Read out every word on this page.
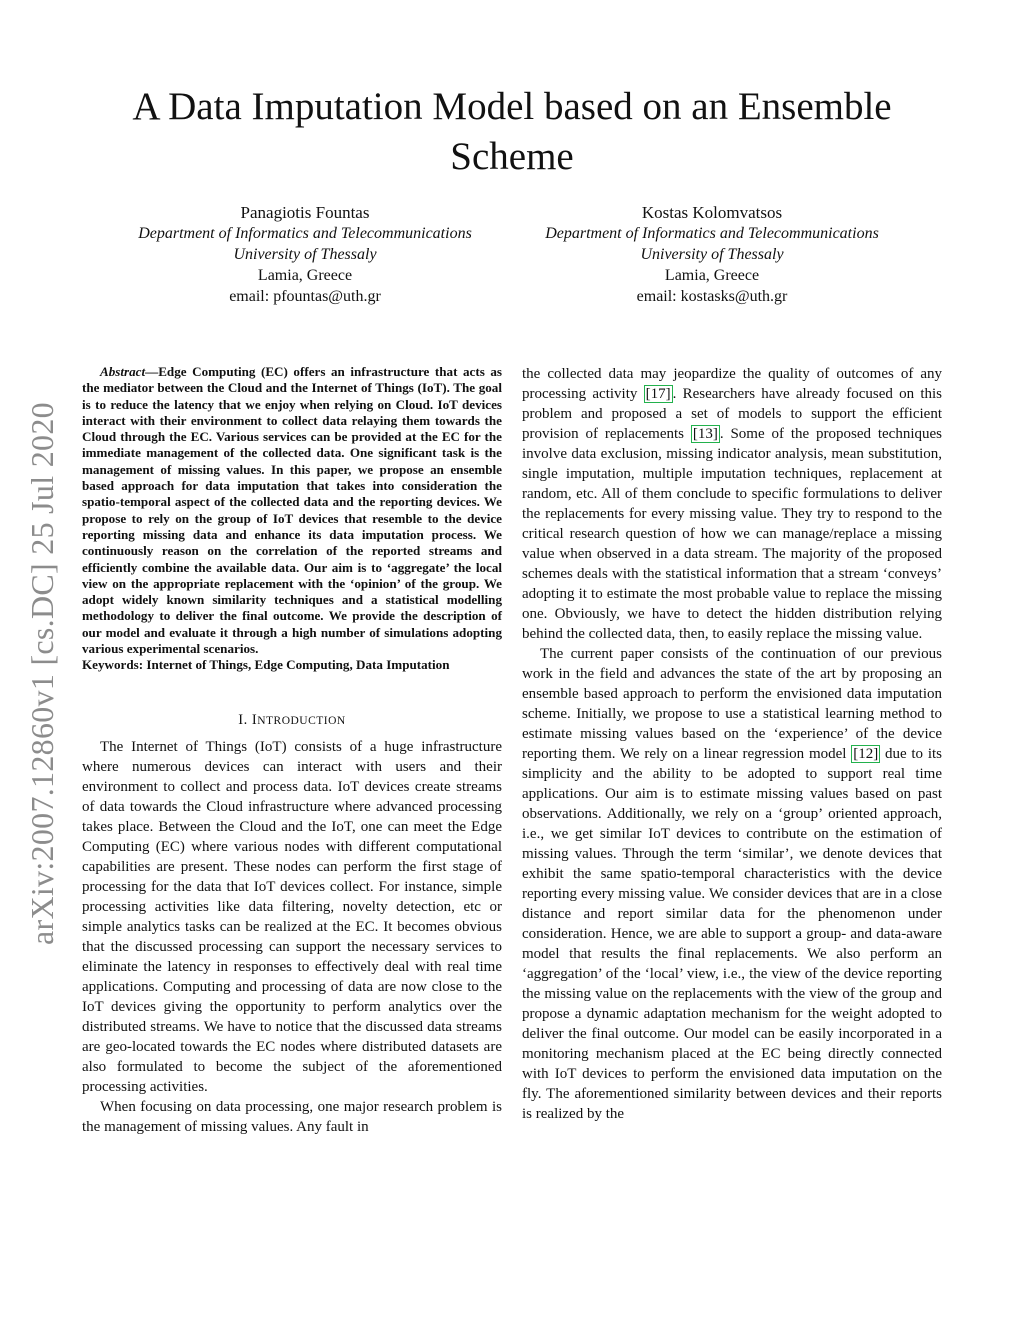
arXiv:2007.12860v1 [cs.DC] 25 Jul 2020
A Data Imputation Model based on an Ensemble Scheme
Panagiotis Fountas
Department of Informatics and Telecommunications
University of Thessaly
Lamia, Greece
email: pfountas@uth.gr
Kostas Kolomvatsos
Department of Informatics and Telecommunications
University of Thessaly
Lamia, Greece
email: kostasks@uth.gr

Abstract—Edge Computing (EC) offers an infrastructure that acts as the mediator between the Cloud and the Internet of Things (IoT). The goal is to reduce the latency that we enjoy when relying on Cloud. IoT devices interact with their environment to collect data relaying them towards the Cloud through the EC. Various services can be provided at the EC for the immediate management of the collected data. One significant task is the management of missing values. In this paper, we propose an ensemble based approach for data imputation that takes into consideration the spatio-temporal aspect of the collected data and the reporting devices. We propose to rely on the group of IoT devices that resemble to the device reporting missing data and enhance its data imputation process. We continuously reason on the correlation of the reported streams and efficiently combine the available data. Our aim is to ‘aggregate’ the local view on the appropriate replacement with the ‘opinion’ of the group. We adopt widely known similarity techniques and a statistical modelling methodology to deliver the final outcome. We provide the description of our model and evaluate it through a high number of simulations adopting various experimental scenarios.
Keywords: Internet of Things, Edge Computing, Data Imputation

I. INTRODUCTION

The Internet of Things (IoT) consists of a huge infrastructure where numerous devices can interact with users and their environment to collect and process data. IoT devices create streams of data towards the Cloud infrastructure where advanced processing takes place. Between the Cloud and the IoT, one can meet the Edge Computing (EC) where various nodes with different computational capabilities are present. These nodes can perform the first stage of processing for the data that IoT devices collect. For instance, simple processing activities like data filtering, novelty detection, etc or simple analytics tasks can be realized at the EC. It becomes obvious that the discussed processing can support the necessary services to eliminate the latency in responses to effectively deal with real time applications. Computing and processing of data are now close to the IoT devices giving the opportunity to perform analytics over the distributed streams. We have to notice that the discussed data streams are geo-located towards the EC nodes where distributed datasets are also formulated to become the subject of the aforementioned processing activities.

When focusing on data processing, one major research problem is the management of missing values. Any fault in

the collected data may jeopardize the quality of outcomes of any processing activity [17] . Researchers have already focused on this problem and proposed a set of models to support the efficient provision of replacements [13] . Some of the proposed techniques involve data exclusion, missing indicator analysis, mean substitution, single imputation, multiple imputation techniques, replacement at random, etc. All of them conclude to specific formulations to deliver the replacements for every missing value. They try to respond to the critical research question of how we can manage/replace a missing value when observed in a data stream. The majority of the proposed schemes deals with the statistical information that a stream ‘conveys’ adopting it to estimate the most probable value to replace the missing one. Obviously, we have to detect the hidden distribution relying behind the collected data, then, to easily replace the missing value.

The current paper consists of the continuation of our previous work in the field and advances the state of the art by proposing an ensemble based approach to perform the envisioned data imputation scheme. Initially, we propose to use a statistical learning method to estimate missing values based on the ‘experience’ of the device reporting them. We rely on a linear regression model [12] due to its simplicity and the ability to be adopted to support real time applications. Our aim is to estimate missing values based on past observations. Additionally, we rely on a ‘group’ oriented approach, i.e., we get similar IoT devices to contribute on the estimation of missing values. Through the term ‘similar’, we denote devices that exhibit the same spatio-temporal characteristics with the device reporting every missing value. We consider devices that are in a close distance and report similar data for the phenomenon under consideration. Hence, we are able to support a group- and data-aware model that results the final replacements. We also perform an ‘aggregation’ of the ‘local’ view, i.e., the view of the device reporting the missing value on the replacements with the view of the group and propose a dynamic adaptation mechanism for the weight adopted to deliver the final outcome. Our model can be easily incorporated in a monitoring mechanism placed at the EC being directly connected with IoT devices to perform the envisioned data imputation on the fly. The aforementioned similarity between devices and their reports is realized by the
